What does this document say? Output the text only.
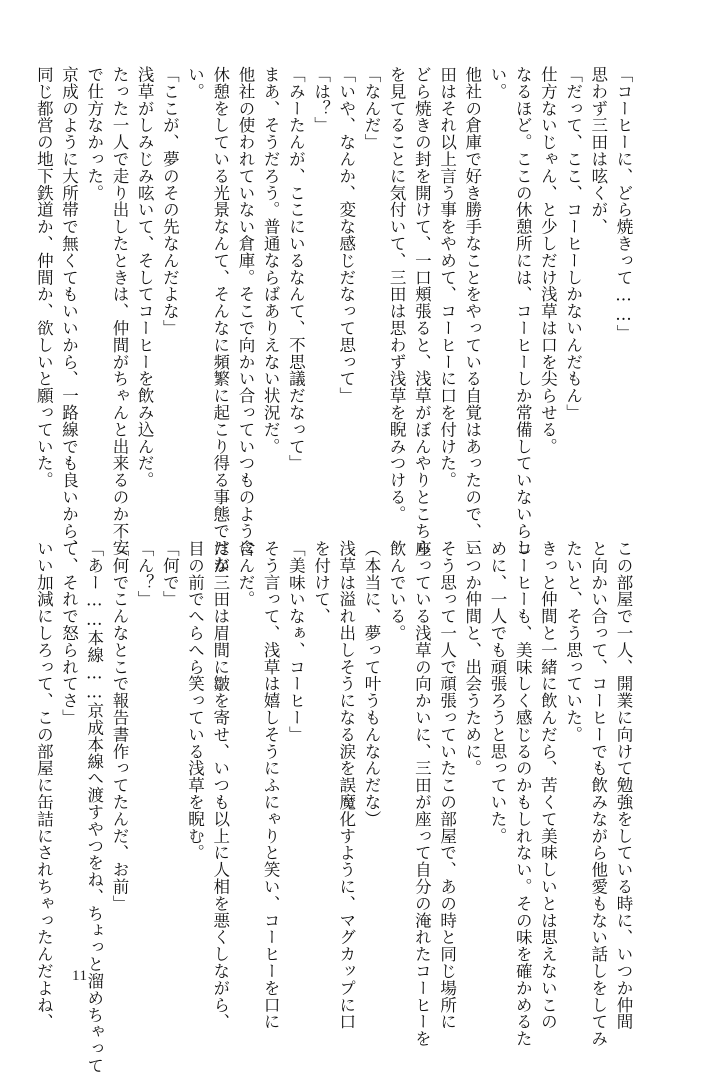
「コーヒーに、どら焼きって……」

思わず三田は呟くが、

「だって、ここ、コーヒーしかないんだもん」

仕方ないじゃん、と少しだけ浅草は口を尖らせる。

なるほど。ここの休憩所には、コーヒーしか常備していないらし

い。

他社の倉庫で好き勝手なことをやっている自覚はあったので、三

田はそれ以上言う事をやめて、コーヒーに口を付けた。

どら焼きの封を開けて、一口頬張ると、浅草がぼんやりとこちら

を見てることに気付いて、三田は思わず浅草を睨みつける。

「なんだ」

「いや、なんか、変な感じだなって思って」

「は？」

「みーたんが、ここにいるなんて、不思議だなって」

まあ、そうだろう。普通ならばありえない状況だ。

他社の使われていない倉庫。そこで向かい合っていつものように

休憩をしている光景なんて、そんなに頻繁に起こり得る事態ではな

い。

「ここが、夢のその先なんだよな」

浅草がしみじみ呟いて、そしてコーヒーを飲み込んだ。

たった一人で走り出したときは、仲間がちゃんと出来るのか不安

で仕方なかった。

京成のように大所帯で無くてもいいから、一路線でも良いから、

同じ都営の地下鉄道か、仲間か、欲しいと願っていた。

この部屋で一人、開業に向けて勉強をしている時に、いつか仲間

と向かい合って、コーヒーでも飲みながら他愛もない話しをしてみ

たいと、そう思っていた。

きっと仲間と一緒に飲んだら、苦くて美味しいとは思えないこの

コーヒーも、美味しく感じるのかもしれない。その味を確かめるた

めに、一人でも頑張ろうと思っていた。

いつか仲間と、出会うために。

そう思って一人で頑張っていたこの部屋で、あの時と同じ場所に

座っている浅草の向かいに、三田が座って自分の淹れたコーヒーを

飲んでいる。

（本当に、夢って叶うもんなんだな）

浅草は溢れ出しそうになる涙を誤魔化すように、マグカップに口

を付けて、

「美味いなぁ、コーヒー」

そう言って、浅草は嬉しそうにふにゃりと笑い、コーヒーを口に

含んだ。

だが三田は眉間に皺を寄せ、いつも以上に人相を悪くしながら、

目の前でへらへら笑っている浅草を睨む。

「何で」

「ん？」

「何でこんなとこで報告書作ってたんだ、お前」

「あー……本線……京成本線へ渡すやつをね、ちょっと溜めちゃって

て、それで怒られてさ」

いい加減にしろって、この部屋に缶詰にされちゃったんだよね、 11
